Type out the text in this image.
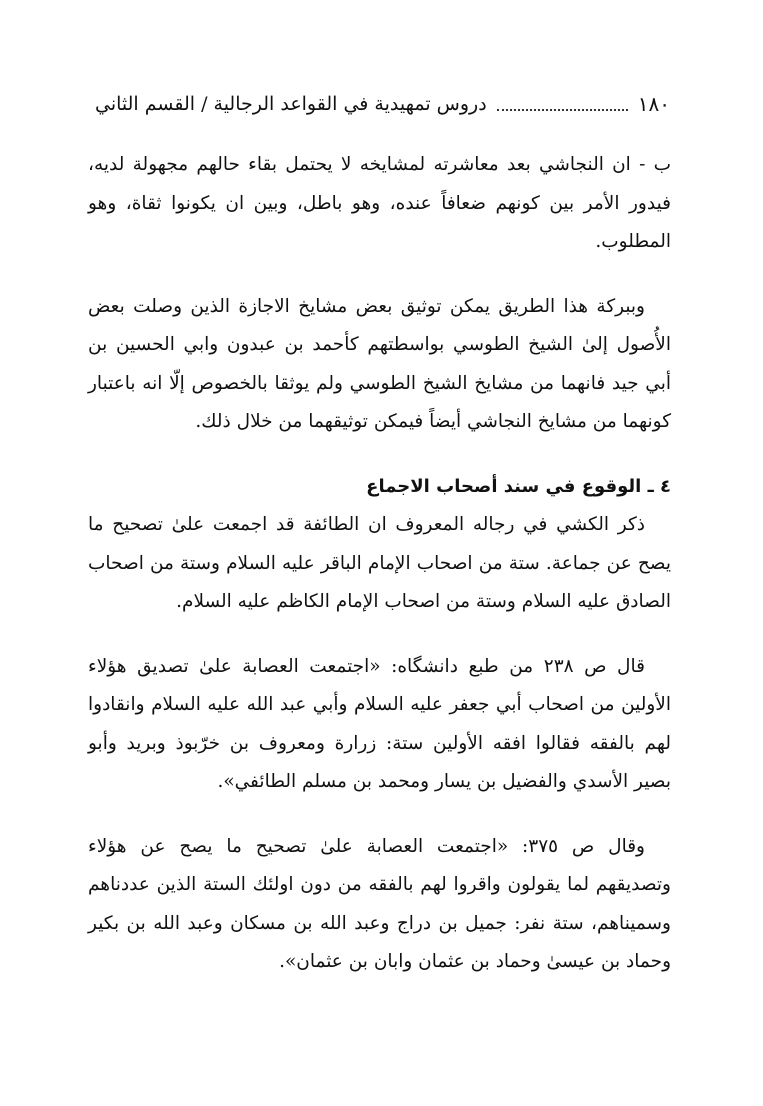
١٨٠
دروس تمهيدية في القواعد الرجالية / القسم الثاني

ب - ان النجاشي بعد معاشرته لمشايخه لا يحتمل بقاء حالهم مجهولة لديه، فيدور الأمر بين كونهم ضعافاً عنده، وهو باطل، وبين ان يكونوا ثقاة، وهو المطلوب.

وببركة هذا الطريق يمكن توثيق بعض مشايخ الاجازة الذين وصلت بعض الأُصول إلىٰ الشيخ الطوسي بواسطتهم كأحمد بن عبدون وابي الحسين بن أبي جيد فانهما من مشايخ الشيخ الطوسي ولم يوثقا بالخصوص إلّا انه باعتبار كونهما من مشايخ النجاشي أيضاً فيمكن توثيقهما من خلال ذلك.

٤ ـ الوقوع في سند أصحاب الاجماع

ذكر الكشي في رجاله المعروف ان الطائفة قد اجمعت علىٰ تصحيح ما يصح عن جماعة. ستة من اصحاب الإمام الباقر عليه السلام وستة من اصحاب الصادق عليه السلام وستة من اصحاب الإمام الكاظم عليه السلام.

قال ص ٢٣٨ من طبع دانشگاه: «اجتمعت العصابة علىٰ تصديق هؤلاء الأولين من اصحاب أبي جعفر عليه السلام وأبي عبد الله عليه السلام وانقادوا لهم بالفقه فقالوا افقه الأولين ستة: زرارة ومعروف بن خرّبوذ وبريد وأبو بصير الأسدي والفضيل بن يسار ومحمد بن مسلم الطائفي».

وقال ص ٣٧٥: «اجتمعت العصابة علىٰ تصحيح ما يصح عن هؤلاء وتصديقهم لما يقولون واقروا لهم بالفقه من دون اولئك الستة الذين عددناهم وسميناهم، ستة نفر: جميل بن دراج وعبد الله بن مسكان وعبد الله بن بكير وحماد بن عيسىٰ وحماد بن عثمان وابان بن عثمان».
